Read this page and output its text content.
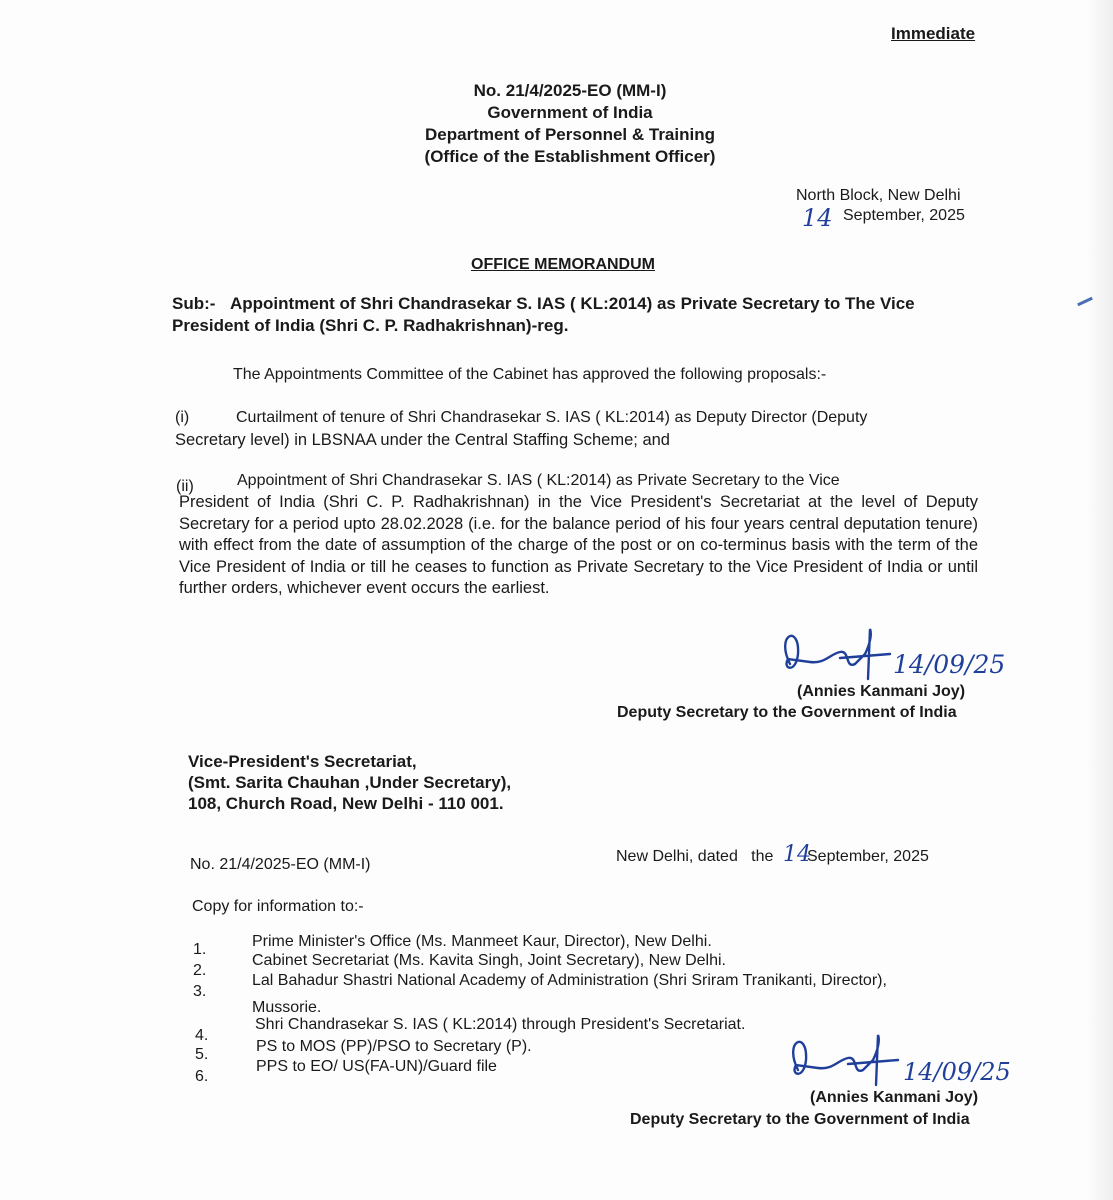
Immediate
No. 21/4/2025-EO (MM-I)
Government of India
Department of Personnel & Training
(Office of the Establishment Officer)
North Block, New Delhi
14 September, 2025
OFFICE MEMORANDUM
Sub:- Appointment of Shri Chandrasekar S. IAS ( KL:2014) as Private Secretary to The Vice
President of India (Shri C. P. Radhakrishnan)-reg.
The Appointments Committee of the Cabinet has approved the following proposals:-
(i)	Curtailment of tenure of Shri Chandrasekar S. IAS ( KL:2014) as Deputy Director (Deputy
Secretary level) in LBSNAA under the Central Staffing Scheme; and
(ii)	Appointment of Shri Chandrasekar S. IAS ( KL:2014) as Private Secretary to the Vice
President of India (Shri C. P. Radhakrishnan) in the Vice President's Secretariat at the level of Deputy Secretary for a period upto 28.02.2028 (i.e. for the balance period of his four years central deputation tenure) with effect from the date of assumption of the charge of the post or on co-terminus basis with the term of the Vice President of India or till he ceases to function as Private Secretary to the Vice President of India or until further orders, whichever event occurs the earliest.
14/09/25
(Annies Kanmani Joy)
Deputy Secretary to the Government of India
Vice-President's Secretariat,
(Smt. Sarita Chauhan ,Under Secretary),
108, Church Road, New Delhi - 110 001.
No. 21/4/2025-EO (MM-I)	New Delhi, dated   the 14
September, 2025
Copy for information to:-
1.	Prime Minister's Office (Ms. Manmeet Kaur, Director), New Delhi.
2.
Cabinet Secretariat (Ms. Kavita Singh, Joint Secretary), New Delhi.
3.
Lal Bahadur Shastri National Academy of Administration (Shri Sriram Tranikanti, Director),
Mussorie.
4.
Shri Chandrasekar S. IAS ( KL:2014) through President's Secretariat.
5.	PS to MOS (PP)/PSO to Secretary (P).
6.
PPS to EO/ US(FA-UN)/Guard file	14/09/25
(Annies Kanmani Joy)
Deputy Secretary to the Government of India
